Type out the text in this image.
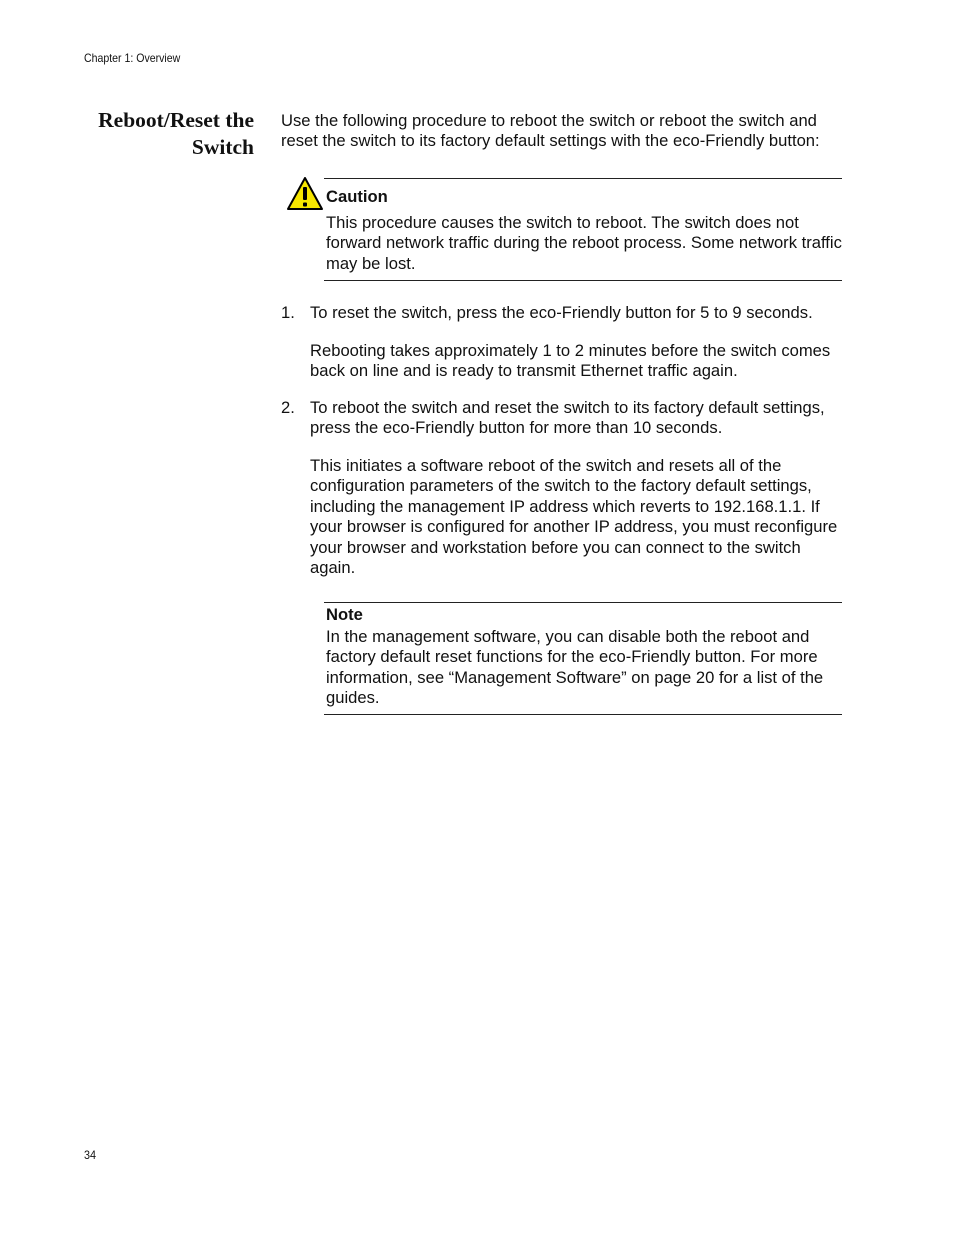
Chapter 1: Overview
Reboot/Reset the
Switch

Use the following procedure to reboot the switch or reboot the switch and reset the switch to its factory default settings with the eco-Friendly button:

Caution

This procedure causes the switch to reboot. The switch does not forward network traffic during the reboot process. Some network traffic may be lost.

1. To reset the switch, press the eco-Friendly button for 5 to 9 seconds.

Rebooting takes approximately 1 to 2 minutes before the switch comes back on line and is ready to transmit Ethernet traffic again.

2. To reboot the switch and reset the switch to its factory default settings, press the eco-Friendly button for more than 10 seconds.

This initiates a software reboot of the switch and resets all of the configuration parameters of the switch to the factory default settings, including the management IP address which reverts to 192.168.1.1. If your browser is configured for another IP address, you must reconfigure your browser and workstation before you can connect to the switch again.

Note

In the management software, you can disable both the reboot and factory default reset functions for the eco-Friendly button. For more information, see “Management Software” on page 20 for a list of the guides.

34
